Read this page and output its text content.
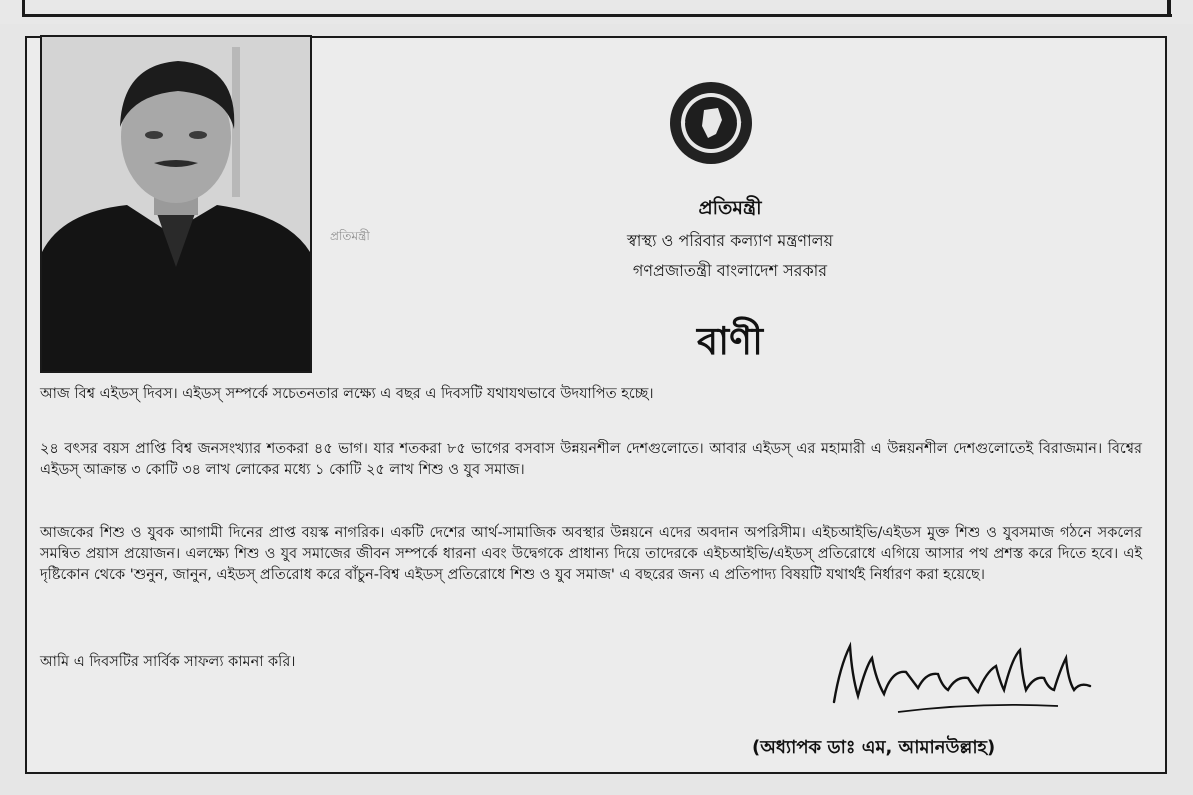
★	★
প্রতিমন্ত্রী
প্রতিমন্ত্রী
স্বাস্থ্য ও পরিবার কল্যাণ মন্ত্রণালয়
গণপ্রজাতন্ত্রী বাংলাদেশ সরকার
বাণী
আজ বিশ্ব এইডস্ দিবস। এইডস্ সম্পর্কে সচেতনতার লক্ষ্যে এ বছর এ দিবসটি যথাযথভাবে উদযাপিত হচ্ছে।
২৪ বৎসর বয়স প্রাপ্তি বিশ্ব জনসংখ্যার শতকরা ৪৫ ভাগ। যার শতকরা ৮৫ ভাগের বসবাস উন্নয়নশীল দেশগুলোতে। আবার এইডস্ এর মহামারী এ উন্নয়নশীল দেশগুলোতেই বিরাজমান। বিশ্বের এইডস্ আক্রান্ত ৩ কোটি ৩৪ লাখ লোকের মধ্যে ১ কোটি ২৫ লাখ শিশু ও যুব সমাজ।
আজকের শিশু ও যুবক আগামী দিনের প্রাপ্ত বয়স্ক নাগরিক। একটি দেশের আর্থ-সামাজিক অবস্থার উন্নয়নে এদের অবদান অপরিসীম। এইচআইভি/এইডস মুক্ত শিশু ও যুবসমাজ গঠনে সকলের সমন্বিত প্রয়াস প্রয়োজন। এলক্ষ্যে শিশু ও যুব সমাজের জীবন সম্পর্কে ধারনা এবং উদ্বেগকে প্রাধান্য দিয়ে তাদেরকে এইচআইভি/এইডস্ প্রতিরোধে এগিয়ে আসার পথ প্রশস্ত করে দিতে হবে। এই দৃষ্টিকোন থেকে 'শুনুন, জানুন, এইডস্ প্রতিরোধ করে বাঁচুন-বিশ্ব এইডস্ প্রতিরোধে শিশু ও যুব সমাজ' এ বছরের জন্য এ প্রতিপাদ্য বিষয়টি যথার্থই নির্ধারণ করা হয়েছে।
আমি এ দিবসটির সার্বিক সাফল্য কামনা করি।
(অধ্যাপক ডাঃ এম, আমানউল্লাহ)
